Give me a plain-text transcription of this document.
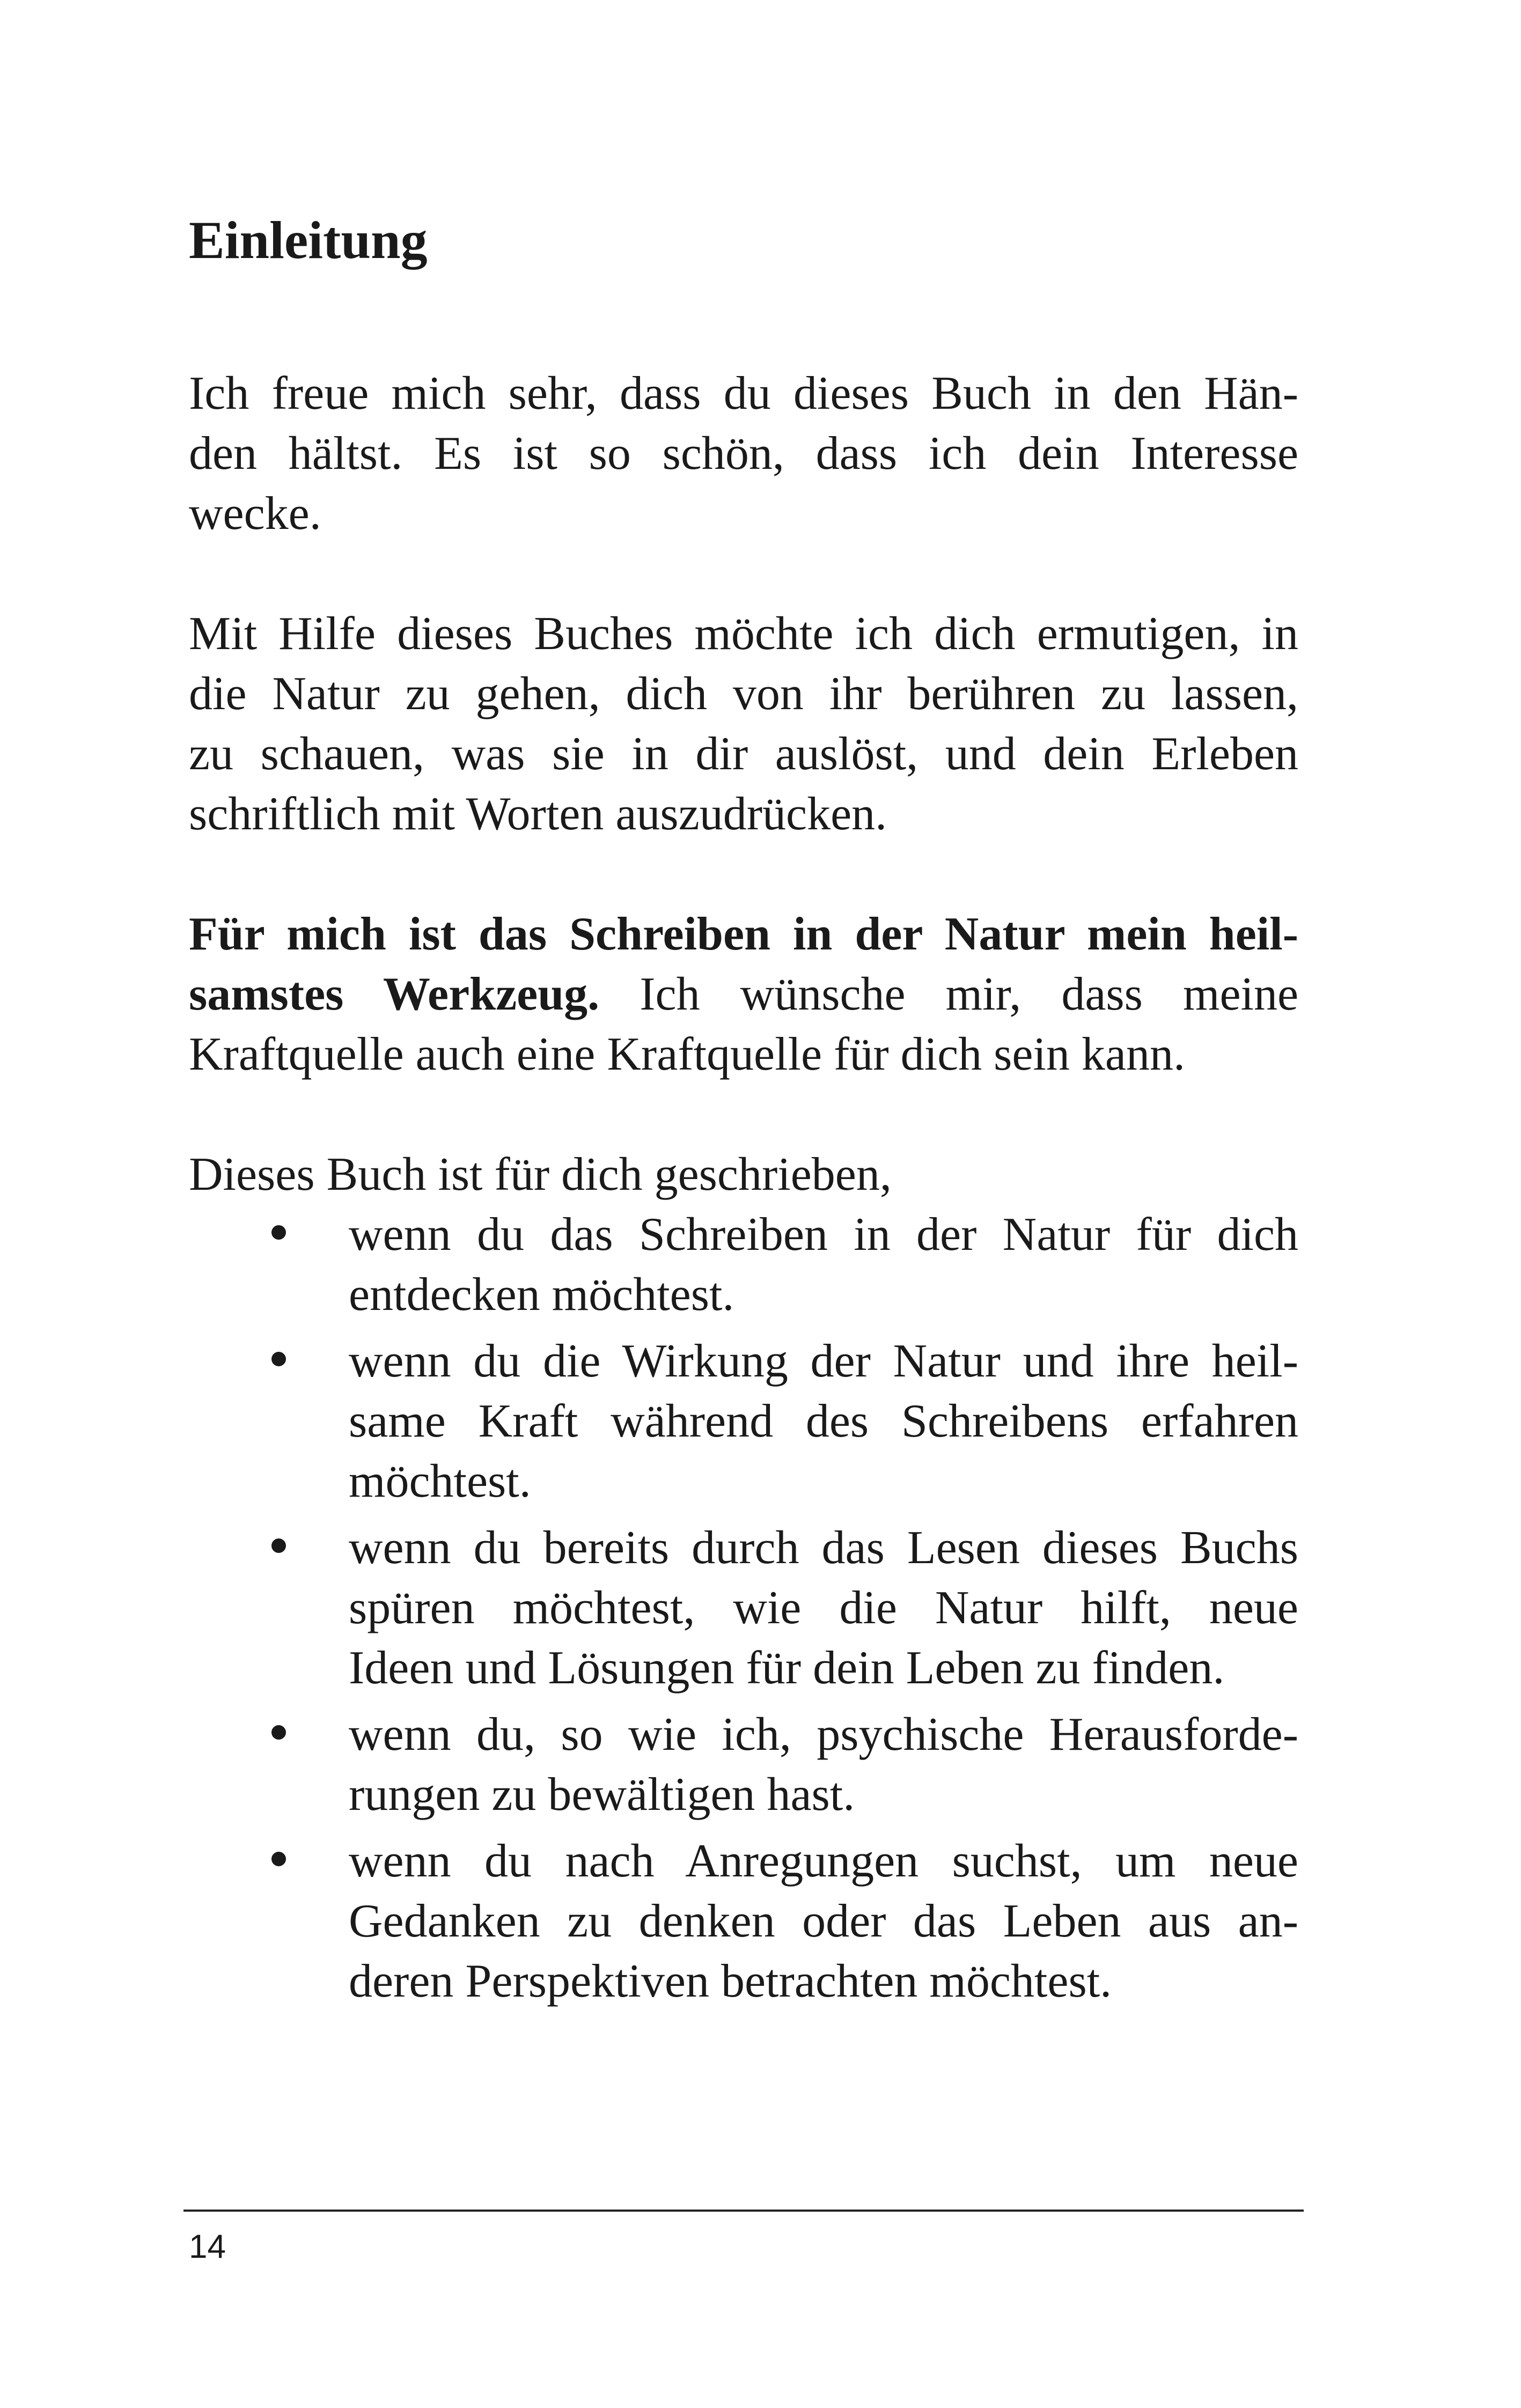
Einleitung

Ich freue mich sehr, dass du dieses Buch in den Hän-
den hältst. Es ist so schön, dass ich dein Interesse
wecke.

Mit Hilfe dieses Buches möchte ich dich ermutigen, in
die Natur zu gehen, dich von ihr berühren zu lassen,
zu schauen, was sie in dir auslöst, und dein Erleben
schriftlich mit Worten auszudrücken.

Für mich ist das Schreiben in der Natur mein heil-
samstes Werkzeug. Ich wünsche mir, dass meine
Kraftquelle auch eine Kraftquelle für dich sein kann.

Dieses Buch ist für dich geschrieben,

wenn du das Schreiben in der Natur für dich
entdecken möchtest.
wenn du die Wirkung der Natur und ihre heil-
same Kraft während des Schreibens erfahren
möchtest.
wenn du bereits durch das Lesen dieses Buchs
spüren möchtest, wie die Natur hilft, neue
Ideen und Lösungen für dein Leben zu finden.
wenn du, so wie ich, psychische Herausforde-
rungen zu bewältigen hast.
wenn du nach Anregungen suchst, um neue
Gedanken zu denken oder das Leben aus an-
deren Perspektiven betrachten möchtest.
14
